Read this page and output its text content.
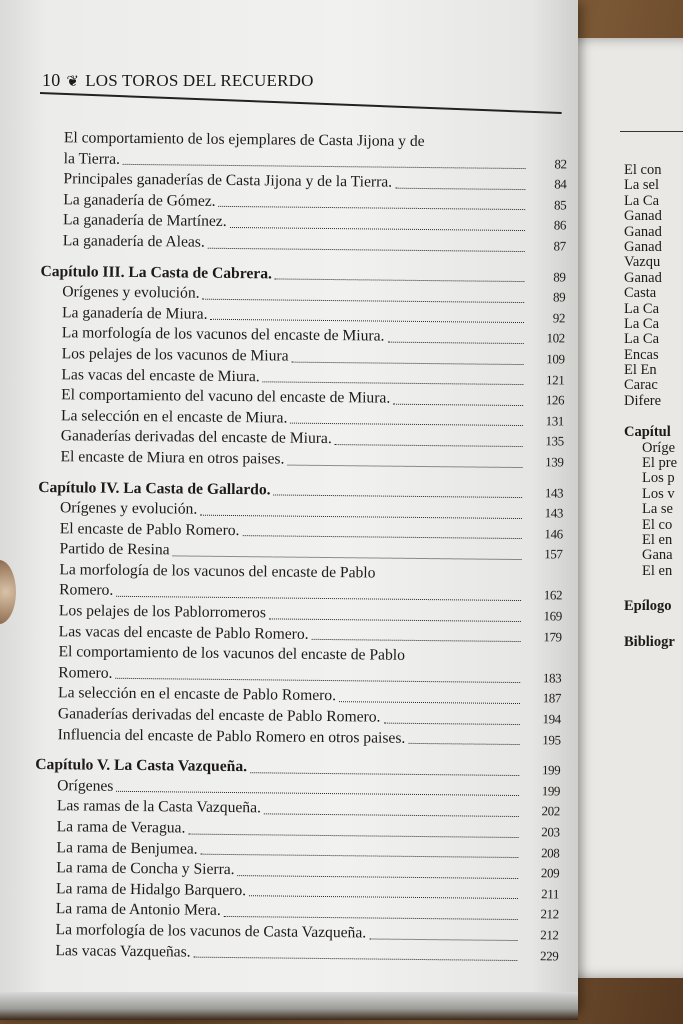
El con
La sel
La Ca
Ganad
Ganad
Ganad
Vazqu
Ganad
Casta
La Ca
La Ca
La Ca
Encas
El En
Carac
Difere
Capítul
Oríge
El pre
Los p
Los v
La se
El co
El en
Gana
El en
Epílogo
Bibliogr
10 ❦ LOS TOROS DEL RECUERDO
El comportamiento de los ejemplares de Casta Jijona y de
la Tierra.	82
Principales ganaderías de Casta Jijona y de la Tierra.	84
La ganadería de Gómez.	85
La ganadería de Martínez.	86
La ganadería de Aleas.	87
Capítulo III. La Casta de Cabrera.	89
Orígenes y evolución.	89
La ganadería de Miura.	92
La morfología de los vacunos del encaste de Miura.	102
Los pelajes de los vacunos de Miura	109
Las vacas del encaste de Miura.	121
El comportamiento del vacuno del encaste de Miura.	126
La selección en el encaste de Miura.	131
Ganaderías derivadas del encaste de Miura.	135
El encaste de Miura en otros paises.	139
Capítulo IV. La Casta de Gallardo.	143
Orígenes y evolución.	143
El encaste de Pablo Romero.	146
Partido de Resina	157
La morfología de los vacunos del encaste de Pablo
Romero.	162
Los pelajes de los Pablorromeros	169
Las vacas del encaste de Pablo Romero.	179
El comportamiento de los vacunos del encaste de Pablo
Romero.	183
La selección en el encaste de Pablo Romero.	187
Ganaderías derivadas del encaste de Pablo Romero.	194
Influencia del encaste de Pablo Romero en otros paises.	195
Capítulo V. La Casta Vazqueña.	199
Orígenes	199
Las ramas de la Casta Vazqueña.	202
La rama de Veragua.	203
La rama de Benjumea.	208
La rama de Concha y Sierra.	209
La rama de Hidalgo Barquero.	211
La rama de Antonio Mera.	212
La morfología de los vacunos de Casta Vazqueña.	212
Las vacas Vazqueñas.	229
